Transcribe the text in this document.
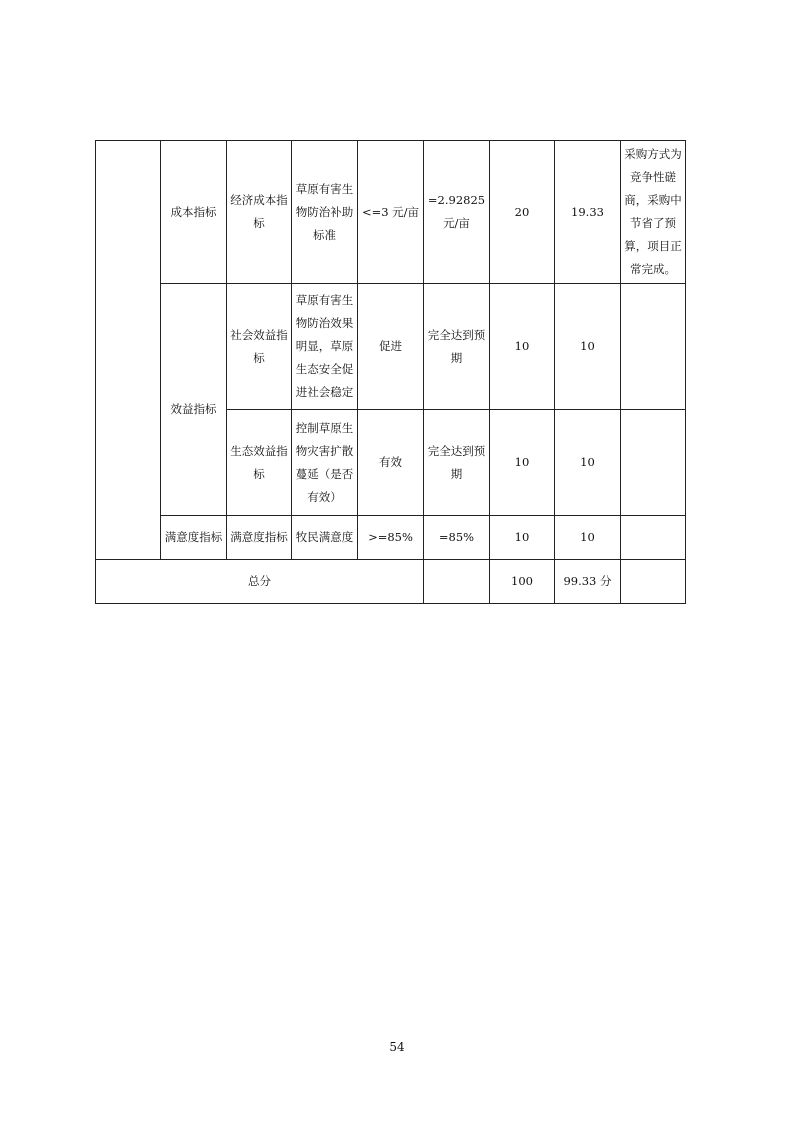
	成本指标	经济成本指标	草原有害生物防治补助标准	<=3 元/亩	=2.92825 元/亩	20	19.33	采购方式为竞争性磋商，采购中节省了预算，项目正常完成。
	效益指标	社会效益指标	草原有害生物防治效果明显，草原生态安全促进社会稳定	促进	完全达到预期	10	10	
		生态效益指标	控制草原生物灾害扩散蔓延（是否有效）	有效	完全达到预期	10	10	
	满意度指标	满意度指标	牧民满意度	>=85%	=85%	10	10	
总分						100	99.33 分	
54
